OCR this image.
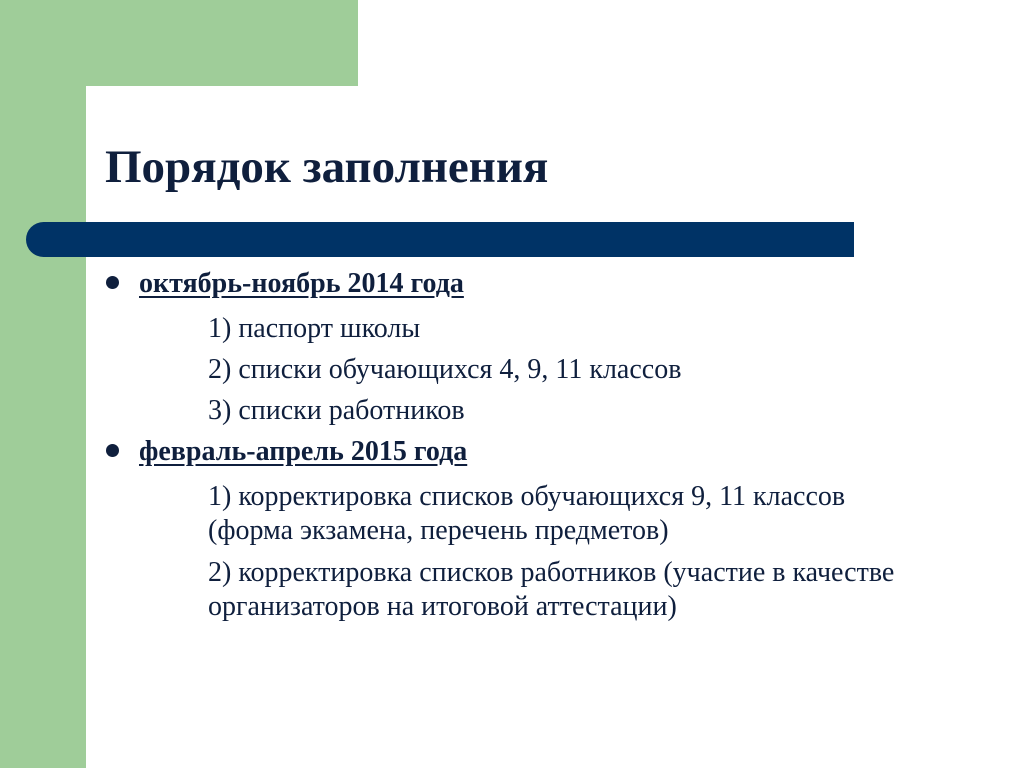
Порядок заполнения
октябрь-ноябрь 2014 года
1) паспорт школы
2) списки обучающихся 4, 9, 11 классов
3) списки работников
февраль-апрель 2015 года
1) корректировка списков обучающихся 9, 11 классов (форма экзамена, перечень предметов)
2) корректировка списков работников (участие в качестве организаторов на итоговой аттестации)
